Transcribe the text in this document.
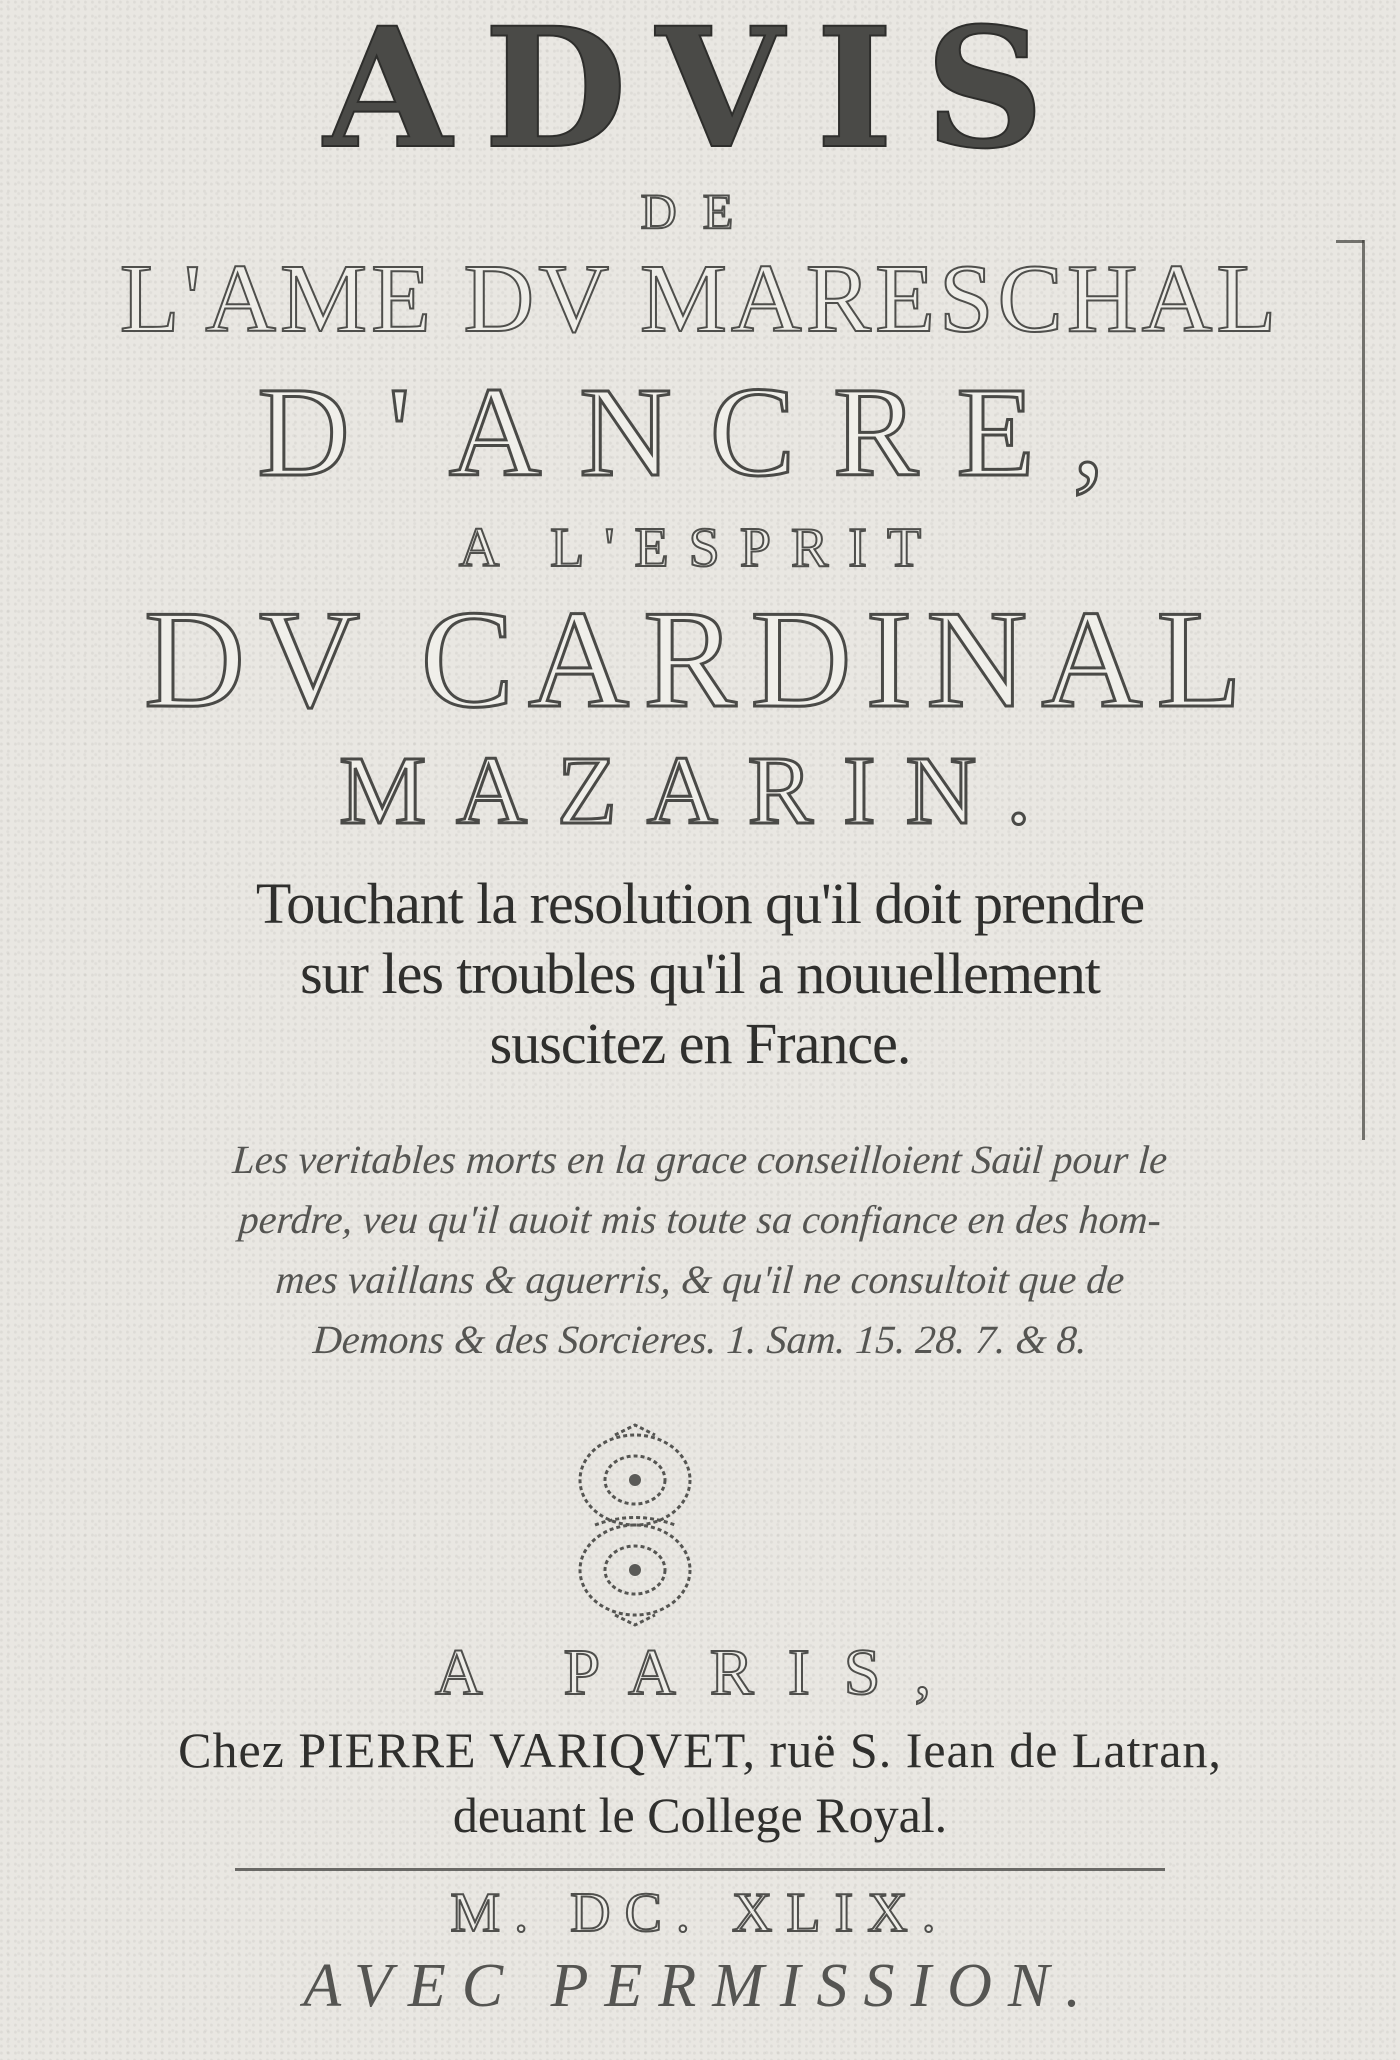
ADVIS
DE
L'AME DV MARESCHAL
D'ANCRE,
A L'ESPRIT
DV CARDINAL
MAZARIN.
Touchant la resolution qu'il doit prendre
sur les troubles qu'il a nouuellement
suscitez en France.
Les veritables morts en la grace conseilloient Saül pour le
perdre, veu qu'il auoit mis toute sa confiance en des hom-
mes vaillans & aguerris, & qu'il ne consultoit que de
Demons & des Sorcieres. 1. Sam. 15. 28. 7. & 8.
A PARIS,
Chez PIERRE VARIQVET, ruë S. Iean de Latran,
deuant le College Royal.
M. DC. XLIX.
AVEC PERMISSION.
